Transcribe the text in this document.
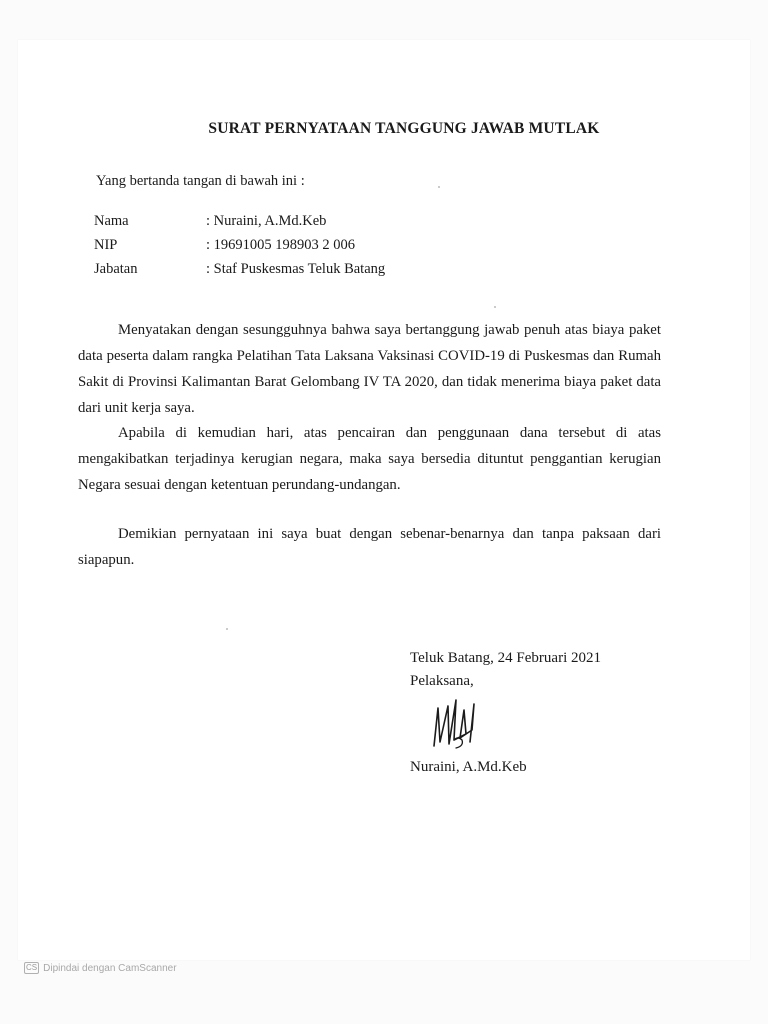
SURAT PERNYATAAN TANGGUNG JAWAB MUTLAK
Yang bertanda tangan di bawah ini :
Nama	: Nuraini, A.Md.Keb
NIP	: 19691005 198903 2 006
Jabatan	: Staf Puskesmas Teluk Batang

Menyatakan dengan sesungguhnya bahwa saya bertanggung jawab penuh atas biaya paket data peserta dalam rangka Pelatihan Tata Laksana Vaksinasi COVID-19 di Puskesmas dan Rumah Sakit di Provinsi Kalimantan Barat Gelombang IV TA 2020, dan tidak menerima biaya paket data dari unit kerja saya.

Apabila di kemudian hari, atas pencairan dan penggunaan dana tersebut di atas mengakibatkan terjadinya kerugian negara, maka saya bersedia dituntut penggantian kerugian Negara sesuai dengan ketentuan perundang-undangan.

Demikian pernyataan ini saya buat dengan sebenar-benarnya dan tanpa paksaan dari siapapun.

Teluk Batang, 24 Februari 2021
Pelaksana,
Nuraini, A.Md.Keb
CS Dipindai dengan CamScanner
